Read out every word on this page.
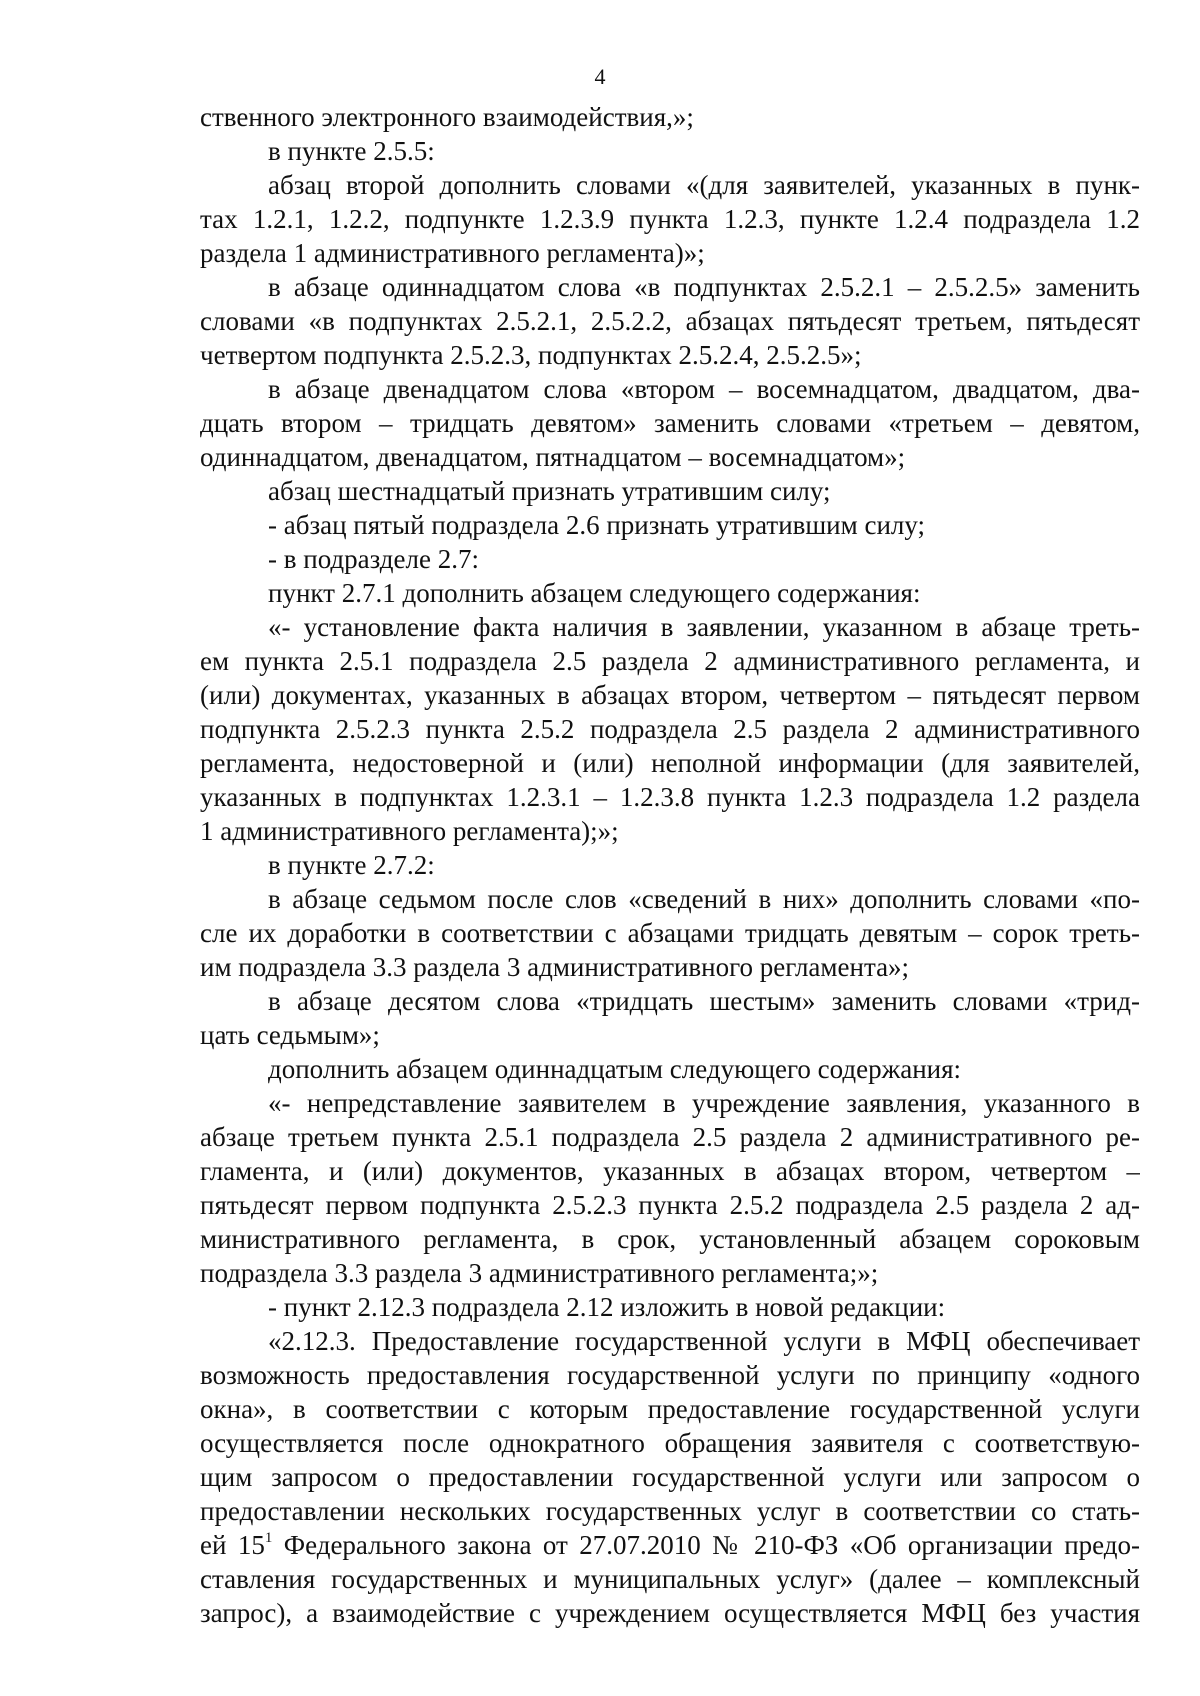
4
ственного электронного взаимодействия,»;
в пункте 2.5.5:
абзац второй дополнить словами «(для заявителей, указанных в пунк-
тах 1.2.1, 1.2.2, подпункте 1.2.3.9 пункта 1.2.3, пункте 1.2.4 подраздела 1.2
раздела 1 административного регламента)»;
в абзаце одиннадцатом слова «в подпунктах 2.5.2.1 – 2.5.2.5» заменить
словами «в подпунктах 2.5.2.1, 2.5.2.2, абзацах пятьдесят третьем, пятьдесят
четвертом подпункта 2.5.2.3, подпунктах 2.5.2.4, 2.5.2.5»;
в абзаце двенадцатом слова «втором – восемнадцатом, двадцатом, два-
дцать втором – тридцать девятом» заменить словами «третьем – девятом,
одиннадцатом, двенадцатом, пятнадцатом – восемнадцатом»;
абзац шестнадцатый признать утратившим силу;
- абзац пятый подраздела 2.6 признать утратившим силу;
- в подразделе 2.7:
пункт 2.7.1 дополнить абзацем следующего содержания:
«- установление факта наличия в заявлении, указанном в абзаце треть-
ем пункта 2.5.1 подраздела 2.5 раздела 2 административного регламента, и
(или) документах, указанных в абзацах втором, четвертом – пятьдесят первом
подпункта 2.5.2.3 пункта 2.5.2 подраздела 2.5 раздела 2 административного
регламента, недостоверной и (или) неполной информации (для заявителей,
указанных в подпунктах 1.2.3.1 – 1.2.3.8 пункта 1.2.3 подраздела 1.2 раздела
1 административного регламента);»;
в пункте 2.7.2:
в абзаце седьмом после слов «сведений в них» дополнить словами «по-
сле их доработки в соответствии с абзацами тридцать девятым – сорок треть-
им подраздела 3.3 раздела 3 административного регламента»;
в абзаце десятом слова «тридцать шестым» заменить словами «трид-
цать седьмым»;
дополнить абзацем одиннадцатым следующего содержания:
«- непредставление заявителем в учреждение заявления, указанного в
абзаце третьем пункта 2.5.1 подраздела 2.5 раздела 2 административного ре-
гламента, и (или) документов, указанных в абзацах втором, четвертом –
пятьдесят первом подпункта 2.5.2.3 пункта 2.5.2 подраздела 2.5 раздела 2 ад-
министративного регламента, в срок, установленный абзацем сороковым
подраздела 3.3 раздела 3 административного регламента;»;
- пункт 2.12.3 подраздела 2.12 изложить в новой редакции:
«2.12.3. Предоставление государственной услуги в МФЦ обеспечивает
возможность предоставления государственной услуги по принципу «одного
окна», в соответствии с которым предоставление государственной услуги
осуществляется после однократного обращения заявителя с соответствую-
щим запросом о предоставлении государственной услуги или запросом о
предоставлении нескольких государственных услуг в соответствии со стать-
ей $15^1$ Федерального закона от 27.07.2010 № 210-ФЗ «Об организации предо-
ставления государственных и муниципальных услуг» (далее – комплексный
запрос), а взаимодействие с учреждением осуществляется МФЦ без участия
